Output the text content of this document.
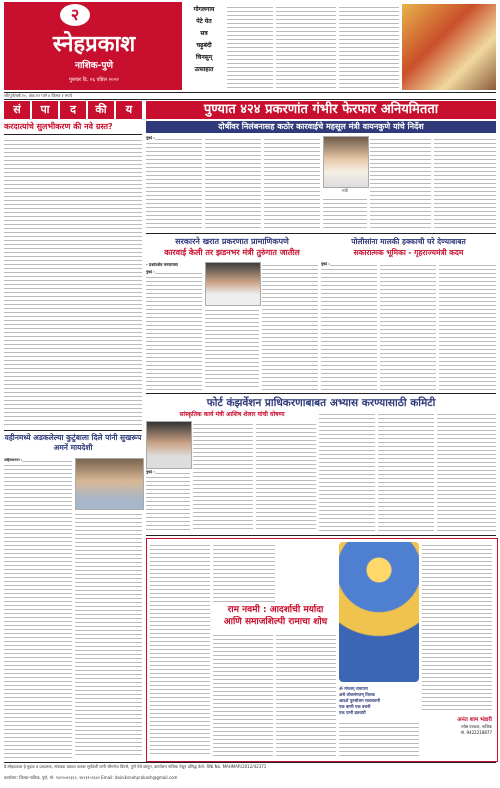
२
स्नेहप्रकाश
नाशिक-पुणे
गुरुवार दि. ०६ एप्रिल २०२२
गोगलगाय
पेटे येत
सत्र
चढ़ुबंदी
चिनसुन्
उत्साहात
जी/पुणे/वर्ष:२०, अंक:१९ पाने ४ किंमत १ रुपये
सं	पा	द	की	य	पुण्यात ४२४ प्रकरणांत गंभीर फेरफार अनियमितता
दोषींवर निलंबनासह कठोर कारवाईचे महसूल मंत्री वायनकुणे यांचे निर्देश
मुंबई :
मंत्री
करदात्यांचे सुलभीकरण की नवे ग्रस्त?
सरकारने खरात प्रकरणात प्रामाणिकपणे
कारवाई केली तर झडनभर मंत्री तुरुंगात जातील
- प्रशांतशेव मनवानजा
मुंबई :
पोलीसांना मालकी हक्काची घरे देण्याबाबत
सकारात्मक भूमिका - गृहराज्यमंत्री कदम
मुंबई :
वहीनमध्ये अडकलेल्या कुटुंबाला दिले पांनी सुखरूप अमनें मायदेशी
अहिल्यानगर :
फोर्ट कंझर्वेशन प्राधिकरणाबाबत अभ्यास करण्यासाठी कमिटी
सांस्कृतिक कार्य मंत्री आशिष शेलार यांची घोषणा
मुंबई :
राम नवमी : आदर्शाची मर्यादा
आणि समाजशिल्पी रामाचा शोध
ॐ मंगलम् रामायण
असे लोकमंगलम् तिलक
आदर्श पुरुषोत्तम सत्यवचनी
एक बाणी एक वचनी
एक पत्नी व्रतधारी
अनंत शाम भंडारी
ज्येष्ठ पत्रकार, नाशिक
मो. 9422218877
दै.स्नेहप्रकाश हे मुद्रक व प्रकाशक, संपादक प्रकाश कचरू सूर्यवंशी यांनी श्रीगणेश प्रिंटर्स, पुणे येथे छापून, कार्यालय नाशिक येथून प्रसिद्ध केले. RNI No. MAHMAR/2012/42371
कार्यालय: जिल्हा-नाशिक. पुणे, मो. ९४२२०४२३६२, ९४२३९५९६४२ Email: dainiksnehprakash@gmail.com
